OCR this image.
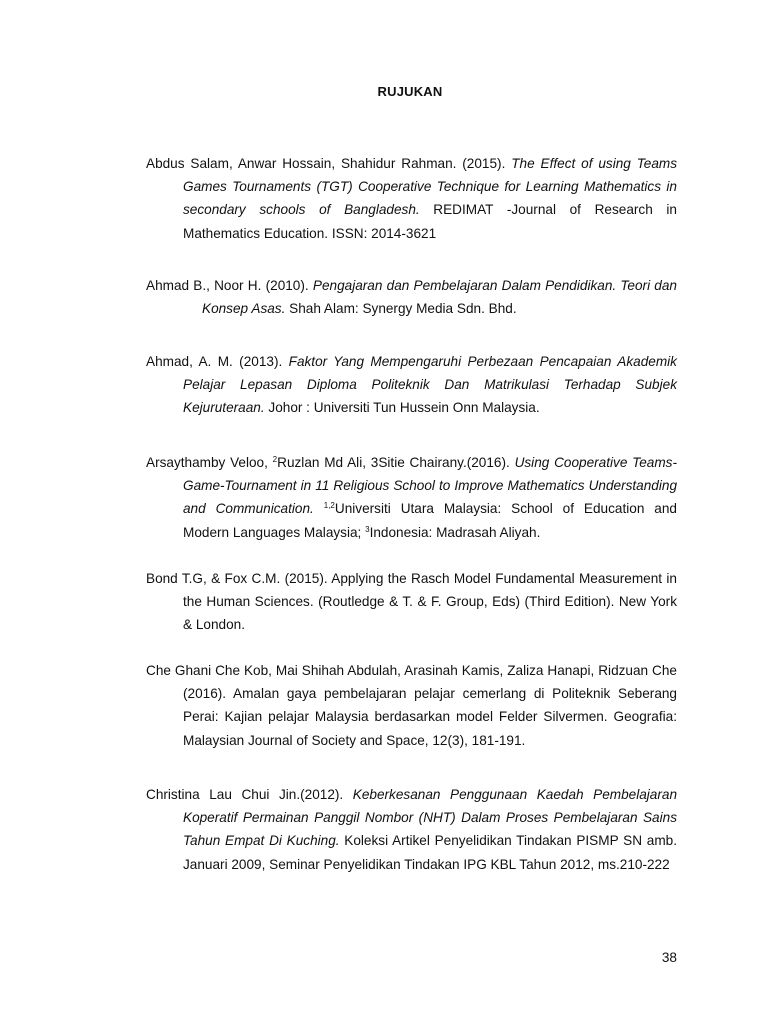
RUJUKAN

Abdus Salam, Anwar Hossain, Shahidur Rahman. (2015). The Effect of using Teams Games Tournaments (TGT) Cooperative Technique for Learning Mathematics in secondary schools of Bangladesh. REDIMAT -Journal of Research in Mathematics Education. ISSN: 2014-3621

Ahmad B., Noor H. (2010). Pengajaran dan Pembelajaran Dalam Pendidikan. Teori dan Konsep Asas. Shah Alam: Synergy Media Sdn. Bhd.

Ahmad, A. M. (2013). Faktor Yang Mempengaruhi Perbezaan Pencapaian Akademik Pelajar Lepasan Diploma Politeknik Dan Matrikulasi Terhadap Subjek Kejuruteraan. Johor : Universiti Tun Hussein Onn Malaysia.

Arsaythamby Veloo, $^2$Ruzlan Md Ali, 3Sitie Chairany.(2016). Using Cooperative Teams-Game-Tournament in 11 Religious School to Improve Mathematics Understanding and Communication. $^{1,2}$Universiti Utara Malaysia: School of Education and Modern Languages Malaysia; $^3$Indonesia: Madrasah Aliyah.

Bond T.G, & Fox C.M. (2015). Applying the Rasch Model Fundamental Measurement in the Human Sciences. (Routledge & T. & F. Group, Eds) (Third Edition). New York & London.

Che Ghani Che Kob, Mai Shihah Abdulah, Arasinah Kamis, Zaliza Hanapi, Ridzuan Che (2016). Amalan gaya pembelajaran pelajar cemerlang di Politeknik Seberang Perai: Kajian pelajar Malaysia berdasarkan model Felder Silvermen. Geografia: Malaysian Journal of Society and Space, 12(3), 181-191.

Christina Lau Chui Jin.(2012). Keberkesanan Penggunaan Kaedah Pembelajaran Koperatif Permainan Panggil Nombor (NHT) Dalam Proses Pembelajaran Sains Tahun Empat Di Kuching. Koleksi Artikel Penyelidikan Tindakan PISMP SN amb. Januari 2009, Seminar Penyelidikan Tindakan IPG KBL Tahun 2012, ms.210-222

38
